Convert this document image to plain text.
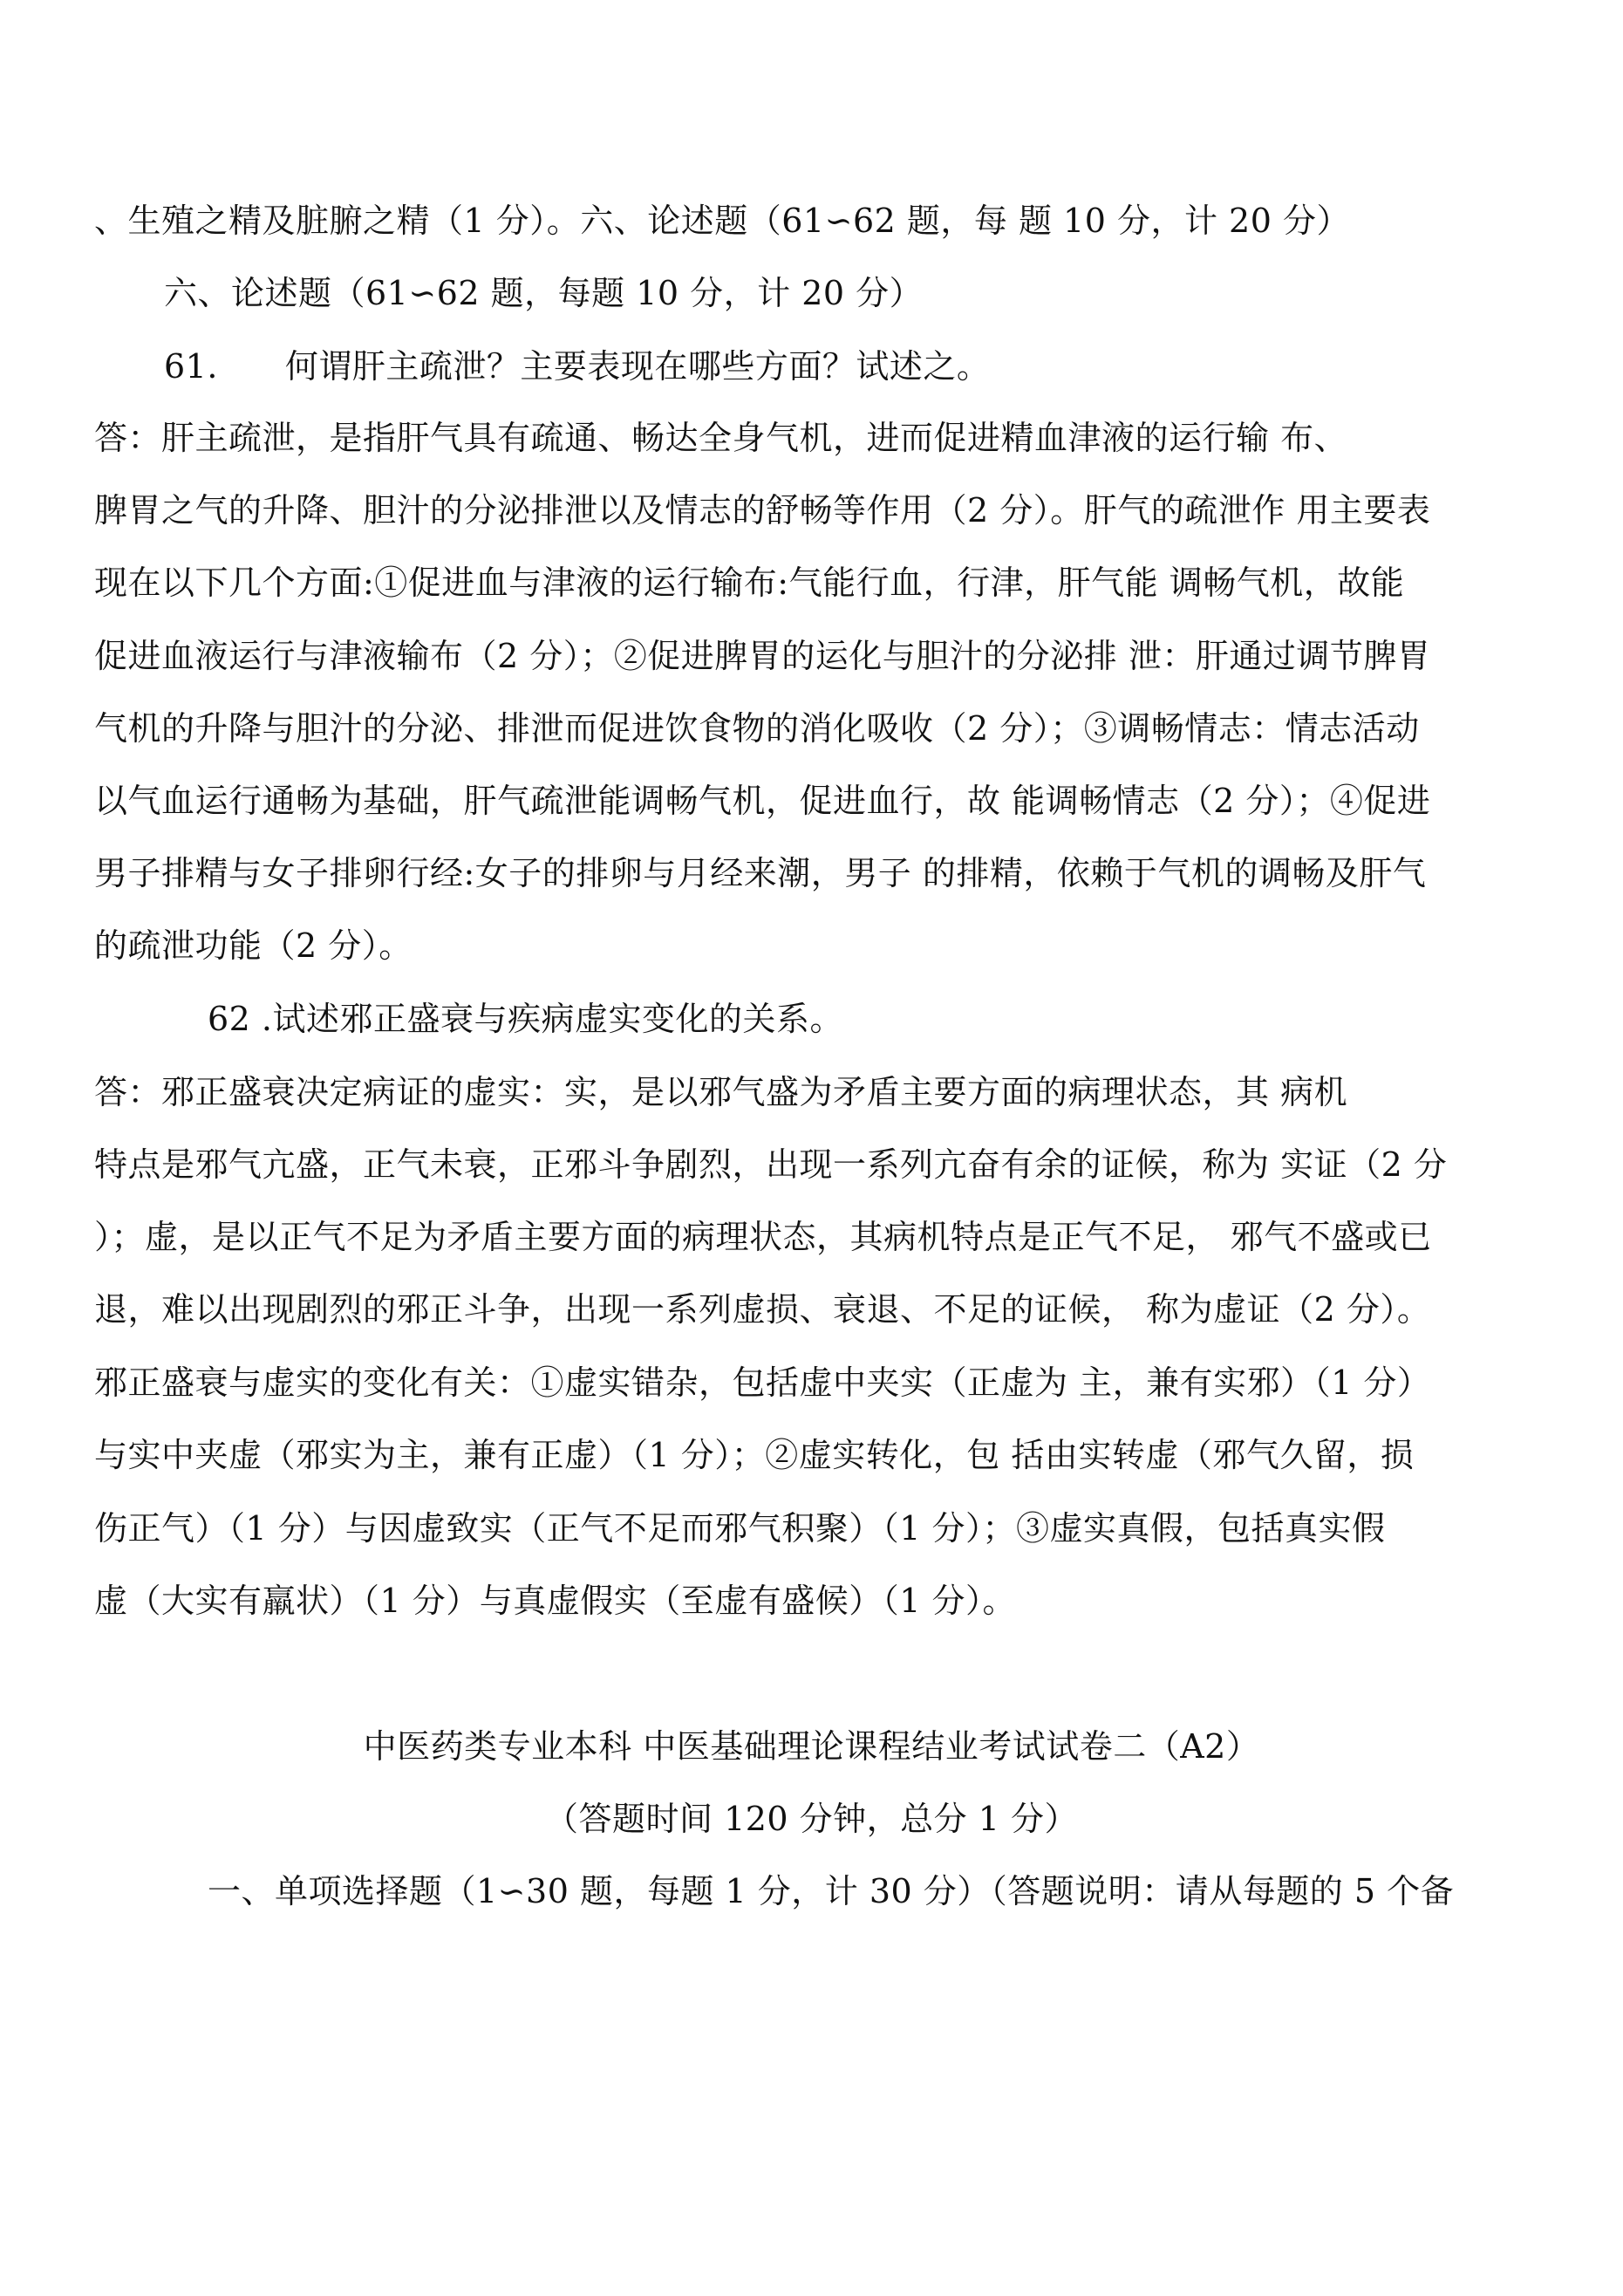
、生殖之精及脏腑之精（1 分）。六、论述题（61∽62 题，每 题 10 分，计 20 分）
六、论述题（61∽62 题，每题 10 分，计 20 分）
61.　　何谓肝主疏泄？主要表现在哪些方面？试述之。
答：肝主疏泄，是指肝气具有疏通、畅达全身气机，进而促进精血津液的运行输 布、
脾胃之气的升降、胆汁的分泌排泄以及情志的舒畅等作用（2 分）。肝气的疏泄作 用主要表
现在以下几个方面:①促进血与津液的运行输布:气能行血，行津，肝气能 调畅气机，故能
促进血液运行与津液输布（2 分）；②促进脾胃的运化与胆汁的分泌排 泄：肝通过调节脾胃
气机的升降与胆汁的分泌、排泄而促进饮食物的消化吸收（2 分）；③调畅情志：情志活动
以气血运行通畅为基础，肝气疏泄能调畅气机，促进血行，故 能调畅情志（2 分）；④促进
男子排精与女子排卵行经:女子的排卵与月经来潮，男子 的排精，依赖于气机的调畅及肝气
的疏泄功能（2 分）。
62 .试述邪正盛衰与疾病虚实变化的关系。
答：邪正盛衰决定病证的虚实：实，是以邪气盛为矛盾主要方面的病理状态，其 病机
特点是邪气亢盛，正气未衰，正邪斗争剧烈，出现一系列亢奋有余的证候，称为 实证（2 分
）；虚，是以正气不足为矛盾主要方面的病理状态，其病机特点是正气不足， 邪气不盛或已
退，难以出现剧烈的邪正斗争，出现一系列虚损、衰退、不足的证候， 称为虚证（2 分）。
邪正盛衰与虚实的变化有关：①虚实错杂，包括虚中夹实（正虚为 主，兼有实邪）（1 分）
与实中夹虚（邪实为主，兼有正虚）（1 分）；②虚实转化，包 括由实转虚（邪气久留，损
伤正气）（1 分）与因虚致实（正气不足而邪气积聚）（1 分）；③虚实真假，包括真实假
虚（大实有羸状）（1 分）与真虚假实（至虚有盛候）（1 分）。
中医药类专业本科 中医基础理论课程结业考试试卷二（A2）
（答题时间 120 分钟，总分 1 分）
一、单项选择题（1∽30 题，每题 1 分，计 30 分）（答题说明：请从每题的 5 个备
